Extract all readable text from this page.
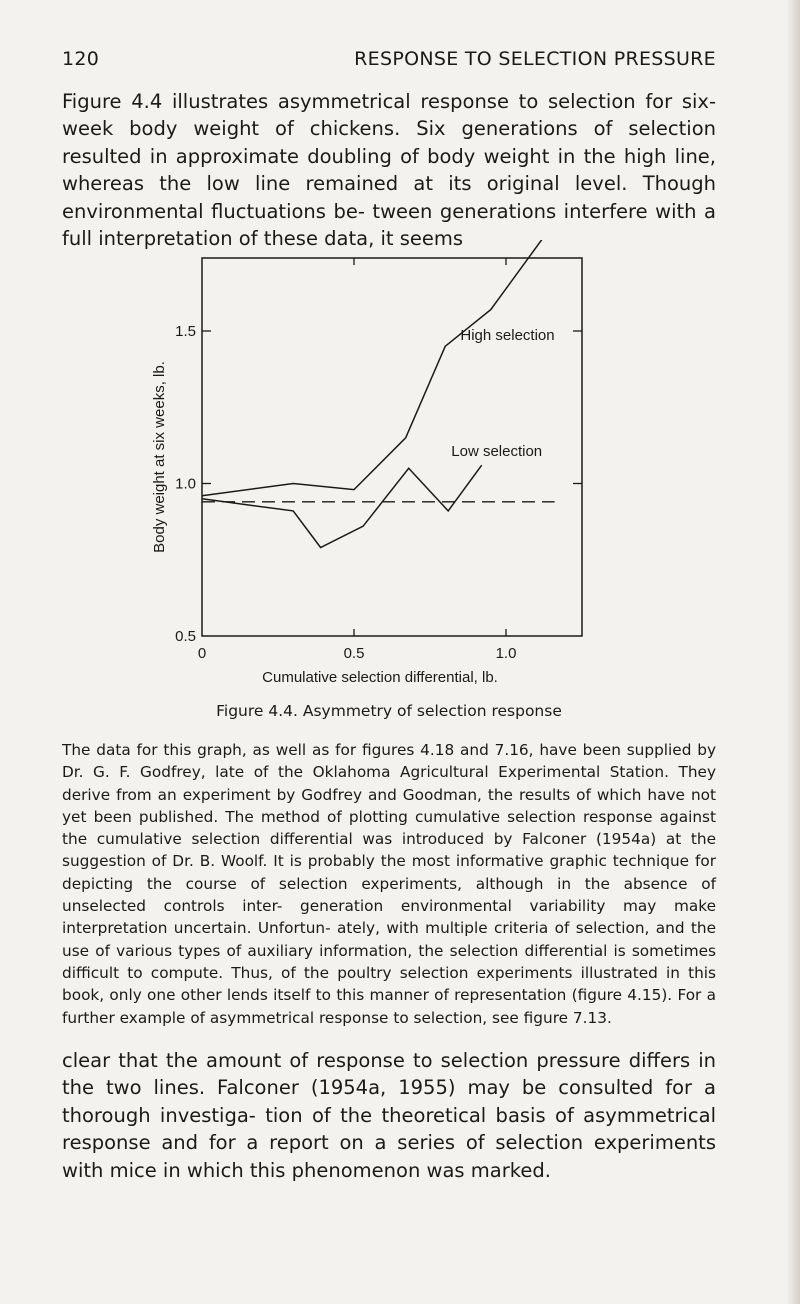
120	RESPONSE TO SELECTION PRESSURE

Figure 4.4 illustrates asymmetrical response to selection for six-week body weight of chickens. Six generations of selection resulted in approximate doubling of body weight in the high line, whereas the low line remained at its original level. Though environmental fluctuations be- tween generations interfere with a full interpretation of these data, it seems

0	0.5	1.0
0.5
1.0
1.5
Cumulative selection differential, lb.
Body weight at six weeks, lb.
High selection
Low selection

Figure 4.4. Asymmetry of selection response

The data for this graph, as well as for figures 4.18 and 7.16, have been supplied by Dr. G. F. Godfrey, late of the Oklahoma Agricultural Experimental Station. They derive from an experiment by Godfrey and Goodman, the results of which have not yet been published. The method of plotting cumulative selection response against the cumulative selection differential was introduced by Falconer (1954a) at the suggestion of Dr. B. Woolf. It is probably the most informative graphic technique for depicting the course of selection experiments, although in the absence of unselected controls inter- generation environmental variability may make interpretation uncertain. Unfortun- ately, with multiple criteria of selection, and the use of various types of auxiliary information, the selection differential is sometimes difficult to compute. Thus, of the poultry selection experiments illustrated in this book, only one other lends itself to this manner of representation (figure 4.15). For a further example of asymmetrical response to selection, see figure 7.13.

clear that the amount of response to selection pressure differs in the two lines. Falconer (1954a, 1955) may be consulted for a thorough investiga- tion of the theoretical basis of asymmetrical response and for a report on a series of selection experiments with mice in which this phenomenon was marked.
